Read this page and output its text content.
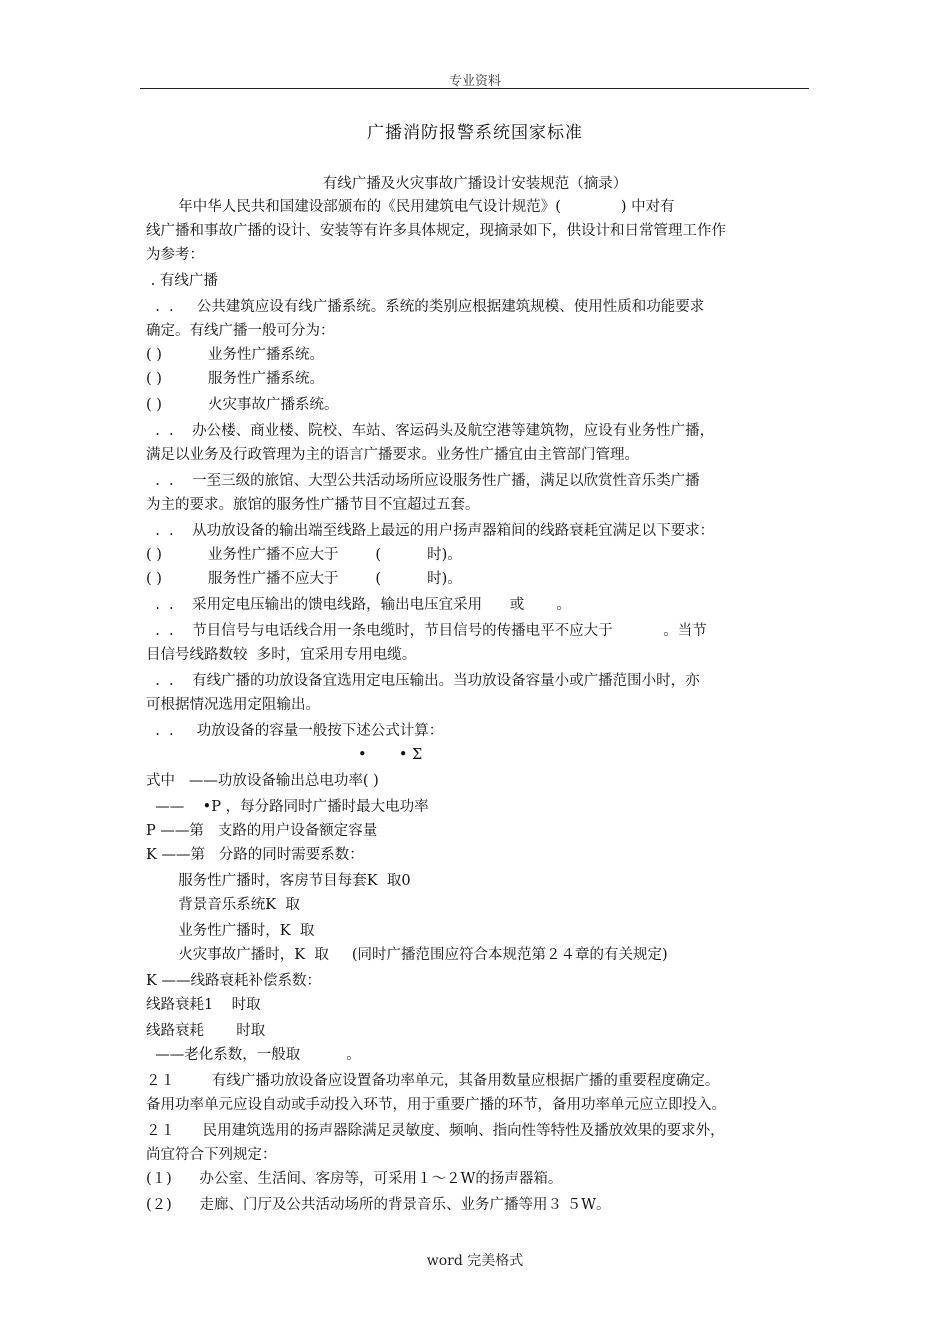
专业资料
广播消防报警系统国家标准
有线广播及火灾事故广播设计安装规范（摘录）
年中华人民共和国建设部颁布的《民用建筑电气设计规范》(             ) 中对有
线广播和事故广播的设计、安装等有许多具体规定，现摘录如下，供设计和日常管理工作作
为参考：
. 有线广播
.  .     公共建筑应设有线广播系统。系统的类别应根据建筑规模、使用性质和功能要求
确定。有线广播一般可分为：
( )          业务性广播系统。
( )          服务性广播系统。
( )          火灾事故广播系统。
.  .    办公楼、商业楼、院校、车站、客运码头及航空港等建筑物，应设有业务性广播，
满足以业务及行政管理为主的语言广播要求。业务性广播宜由主管部门管理。
.  .    一至三级的旅馆、大型公共活动场所应设服务性广播，满足以欣赏性音乐类广播
为主的要求。旅馆的服务性广播节目不宜超过五套。
.  .    从功放设备的输出端至线路上最远的用户扬声器箱间的线路衰耗宜满足以下要求：
( )          业务性广播不应大于        (          时)。
( )          服务性广播不应大于        (          时)。
.  .    采用定电压输出的馈电线路，输出电压宜采用      或       。
.  .    节目信号与电话线合用一条电缆时，节目信号的传播电平不应大于           。当节
目信号线路数较  多时，宜采用专用电缆。
.  .    有线广播的功放设备宜选用定电压输出。当功放设备容量小或广播范围小时，亦
可根据情况选用定阻输出。
.  .     功放设备的容量一般按下述公式计算：
•       • Σ
式中   ——功放设备输出总电功率( )
——    •P ，每分路同时广播时最大电功率
P ——第   支路的用户设备额定容量
K ——第   分路的同时需要系数：
服务性广播时，客房节目每套K  取0
背景音乐系统K  取
业务性广播时，K  取
火灾事故广播时，K  取     (同时广播范围应符合本规范第２４章的有关规定)
K ——线路衰耗补偿系数：
线路衰耗1    时取
线路衰耗       时取
——老化系数，一般取          。
２１        有线广播功放设备应设置备功率单元，其备用数量应根据广播的重要程度确定。
备用功率单元应设自动或手动投入环节，用于重要广播的环节，备用功率单元应立即投入。
２１      民用建筑选用的扬声器除满足灵敏度、频响、指向性等特性及播放效果的要求外，
尚宜符合下列规定：
(１)      办公室、生活间、客房等，可采用１～２W的扬声器箱。
(２)      走廊、门厅及公共活动场所的背景音乐、业务广播等用３ ５W。
word 完美格式
